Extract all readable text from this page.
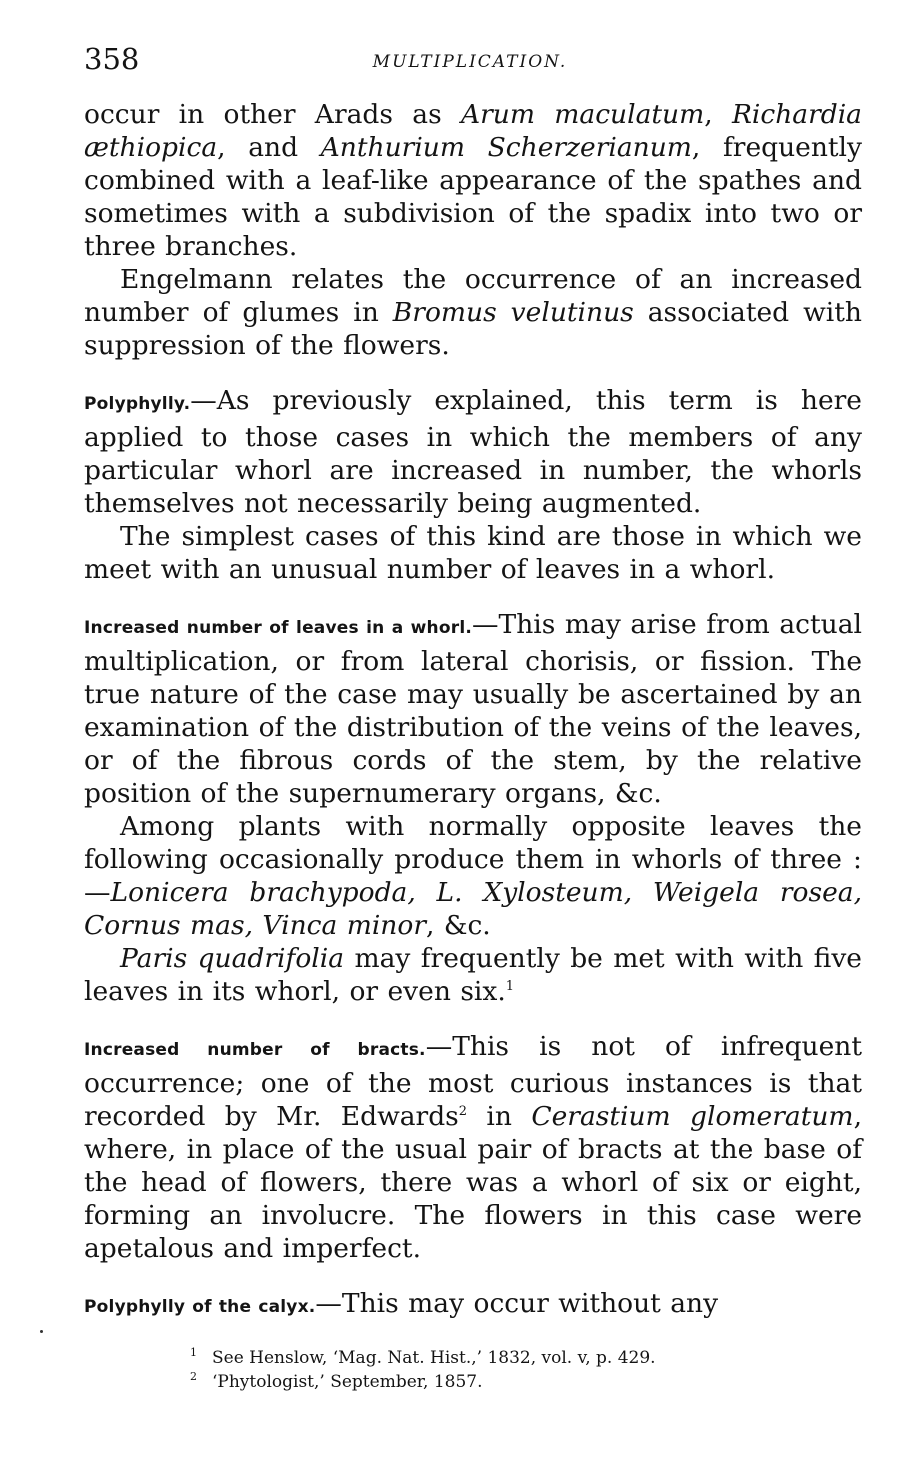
358	MULTIPLICATION.

occur in other Arads as Arum maculatum, Richardia æthiopica, and Anthurium Scherzerianum, frequently combined with a leaf-like appearance of the spathes and sometimes with a subdivision of the spadix into two or three branches.

Engelmann relates the occurrence of an increased number of glumes in Bromus velutinus associated with suppression of the flowers.

Polyphylly.—As previously explained, this term is here applied to those cases in which the members of any particular whorl are increased in number, the whorls themselves not necessarily being augmented.

The simplest cases of this kind are those in which we meet with an unusual number of leaves in a whorl.

Increased number of leaves in a whorl.—This may arise from actual multiplication, or from lateral chorisis, or fission. The true nature of the case may usually be ascertained by an examination of the distribution of the veins of the leaves, or of the fibrous cords of the stem, by the relative position of the supernumerary organs, &c.

Among plants with normally opposite leaves the following occasionally produce them in whorls of three :—Lonicera brachypoda, L. Xylosteum, Weigela rosea, Cornus mas, Vinca minor, &c.

Paris quadrifolia may frequently be met with with five leaves in its whorl, or even six.$^1$

Increased number of bracts.—This is not of infrequent occurrence; one of the most curious instances is that recorded by Mr. Edwards$^2$ in Cerastium glomeratum, where, in place of the usual pair of bracts at the base of the head of flowers, there was a whorl of six or eight, forming an involucre. The flowers in this case were apetalous and imperfect.

Polyphylly of the calyx.—This may occur without any

1 See Henslow, ‘Mag. Nat. Hist.,’ 1832, vol. v, p. 429.
2 ‘Phytologist,’ September, 1857.
